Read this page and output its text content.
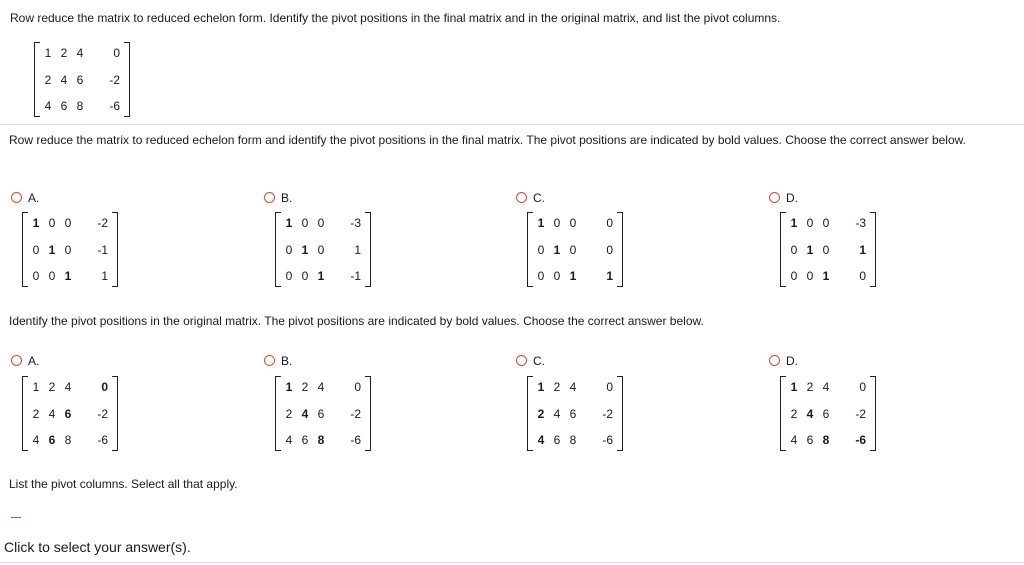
Row reduce the matrix to reduced echelon form. Identify the pivot positions in the final matrix and in the original matrix, and list the pivot columns.
1 2 4	0
2 4 6	-2
4 6 8	-6
Row reduce the matrix to reduced echelon form and identify the pivot positions in the final matrix. The pivot positions are indicated by bold values. Choose the correct answer below.
A.
1 0 0	-2
0 1 0	-1
0 0 1	1
B.
1 0 0	-3
0 1 0	1
0 0 1	-1
C.
1 0 0	0
0 1 0	0
0 0 1	1
D.
1 0 0	-3
0 1 0	1
0 0 1	0
Identify the pivot positions in the original matrix. The pivot positions are indicated by bold values. Choose the correct answer below.
A.
1 2 4	0
2 4 6	-2
4 6 8	-6
B.
1 2 4	0
2 4 6	-2
4 6 8	-6
C.
1 2 4	0
2 4 6	-2
4 6 8	-6
D.
1 2 4	0
2 4 6	-2
4 6 8	-6
List the pivot columns. Select all that apply.
Click to select your answer(s).
